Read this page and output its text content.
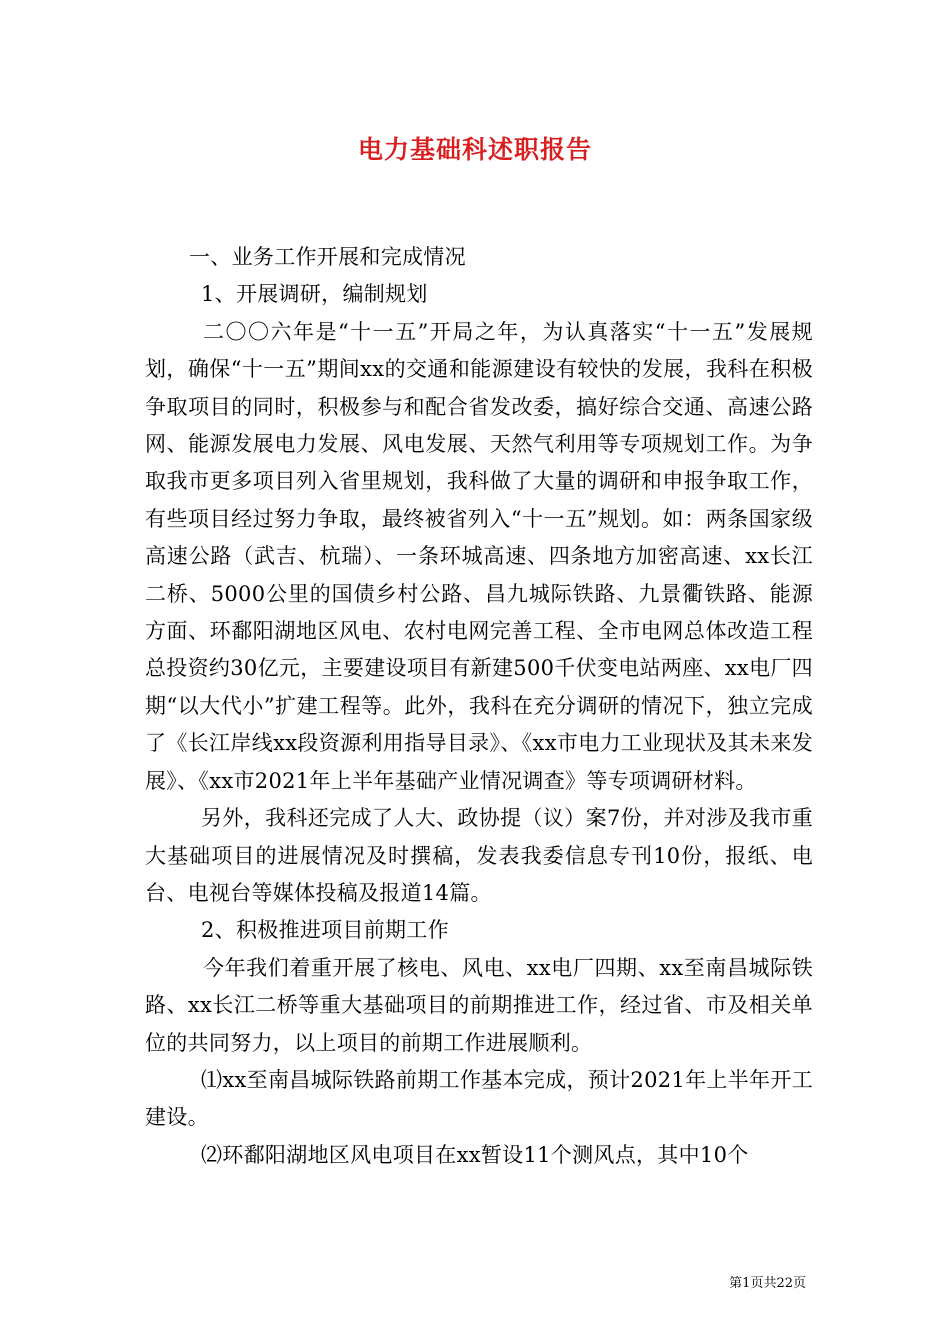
电力基础科述职报告

一、业务工作开展和完成情况

1、开展调研，编制规划

二〇〇六年是“十一五”开局之年，为认真落实“十一五”发展规划，确保“十一五”期间xx的交通和能源建设有较快的发展，我科在积极争取项目的同时，积极参与和配合省发改委，搞好综合交通、高速公路网、能源发展电力发展、风电发展、天然气利用等专项规划工作。为争取我市更多项目列入省里规划，我科做了大量的调研和申报争取工作，有些项目经过努力争取，最终被省列入“十一五”规划。如：两条国家级高速公路（武吉、杭瑞）、一条环城高速、四条地方加密高速、xx长江二桥、5000公里的国债乡村公路、昌九城际铁路、九景衢铁路、能源方面、环鄱阳湖地区风电、农村电网完善工程、全市电网总体改造工程总投资约30亿元，主要建设项目有新建500千伏变电站两座、xx电厂四期“以大代小”扩建工程等。此外，我科在充分调研的情况下，独立完成了《长江岸线xx段资源利用指导目录》、《xx市电力工业现状及其未来发展》、《xx市2021年上半年基础产业情况调查》等专项调研材料。

另外，我科还完成了人大、政协提（议）案7份，并对涉及我市重大基础项目的进展情况及时撰稿，发表我委信息专刊10份，报纸、电台、电视台等媒体投稿及报道14篇。

2、积极推进项目前期工作

今年我们着重开展了核电、风电、xx电厂四期、xx至南昌城际铁路、xx长江二桥等重大基础项目的前期推进工作，经过省、市及相关单位的共同努力，以上项目的前期工作进展顺利。

⑴xx至南昌城际铁路前期工作基本完成，预计2021年上半年开工建设。

⑵环鄱阳湖地区风电项目在xx暂设11个测风点，其中10个

第1页共22页
